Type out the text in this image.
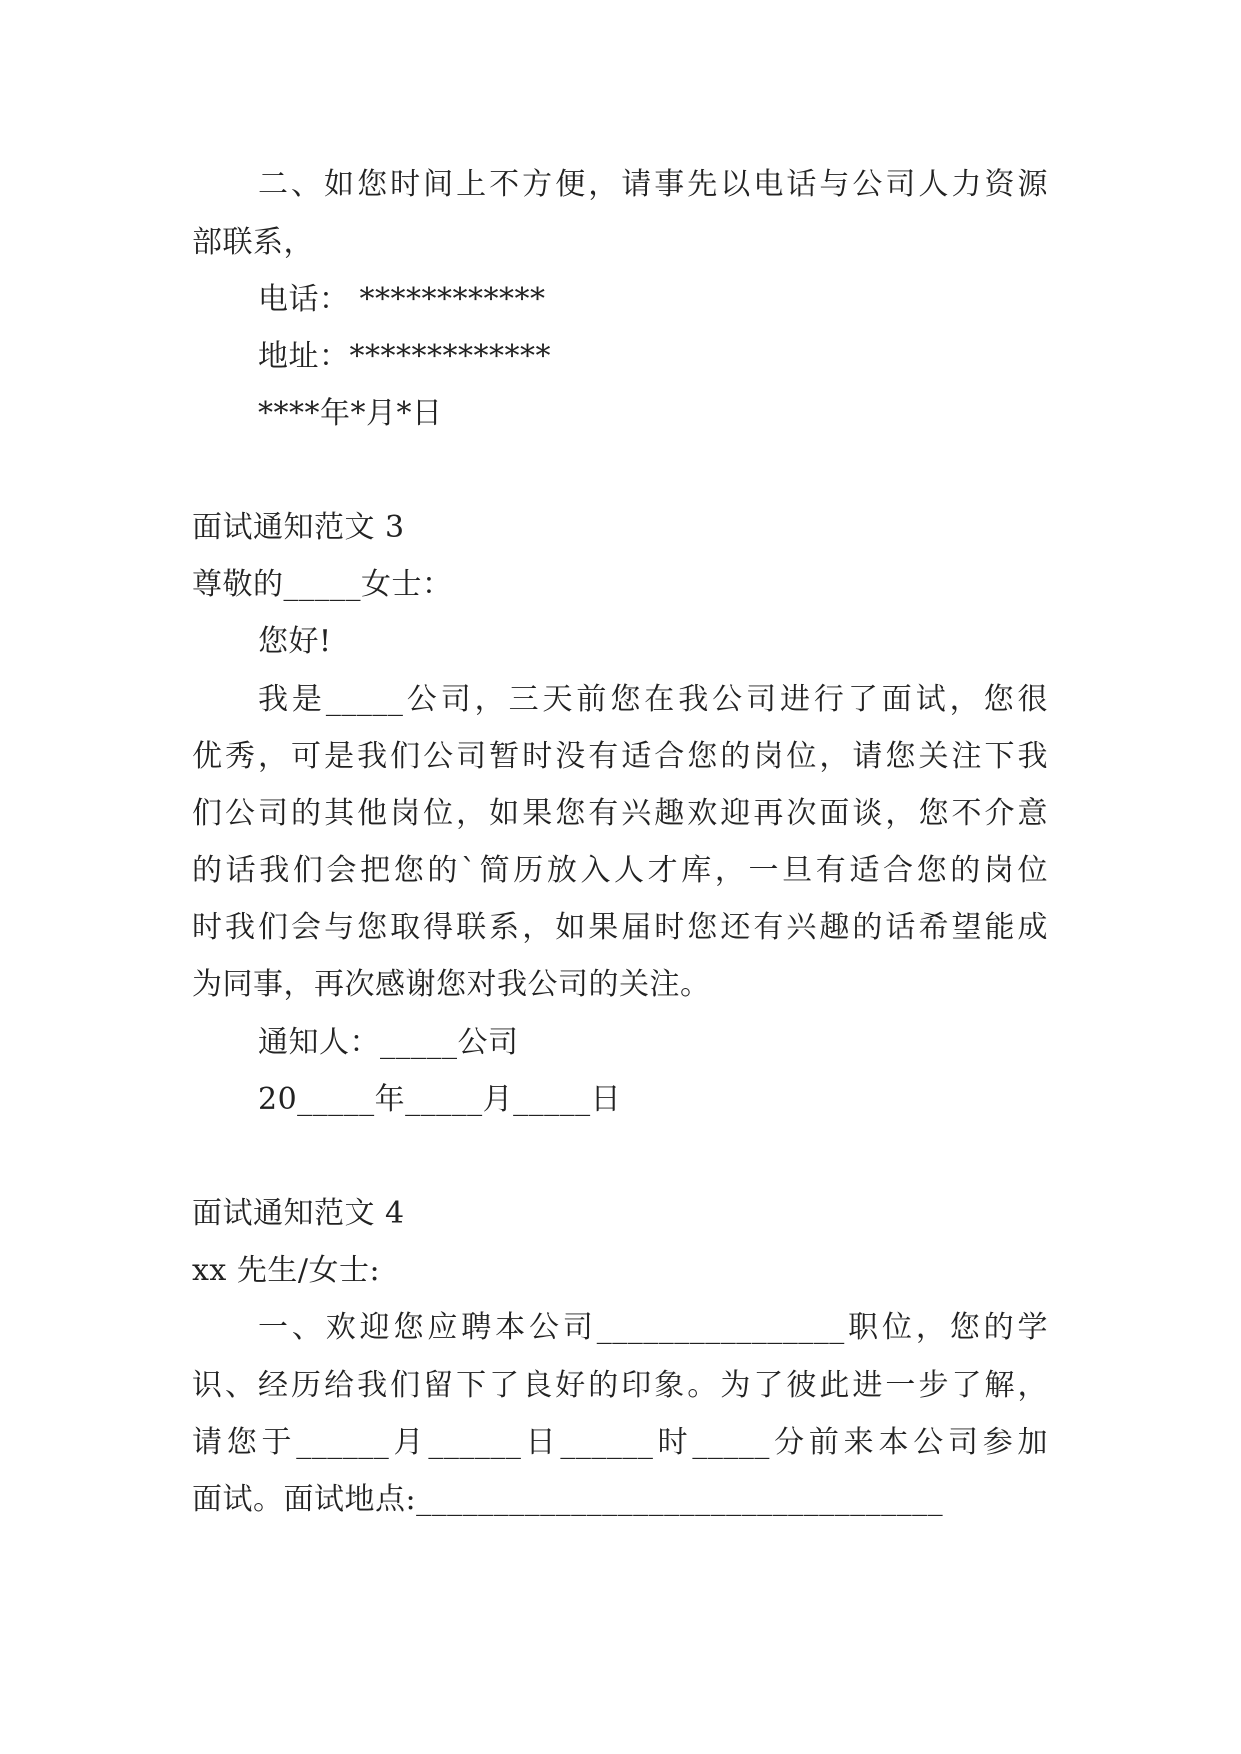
二、如您时间上不方便，请事先以电话与公司人力资源
部联系，
电话： ************
地址：*************
****年*月*日
面试通知范文 3
尊敬的_____女士：
您好!
我是_____公司，三天前您在我公司进行了面试，您很
优秀，可是我们公司暂时没有适合您的岗位，请您关注下我
们公司的其他岗位，如果您有兴趣欢迎再次面谈，您不介意
的话我们会把您的`简历放入人才库，一旦有适合您的岗位
时我们会与您取得联系，如果届时您还有兴趣的话希望能成
为同事，再次感谢您对我公司的关注。
通知人：_____公司
20_____年_____月_____日
面试通知范文 4
xx 先生/女士:
一、欢迎您应聘本公司________________职位，您的学
识、经历给我们留下了良好的印象。为了彼此进一步了解，
请您于______月______日______时_____分前来本公司参加
面试。面试地点:__________________________________
